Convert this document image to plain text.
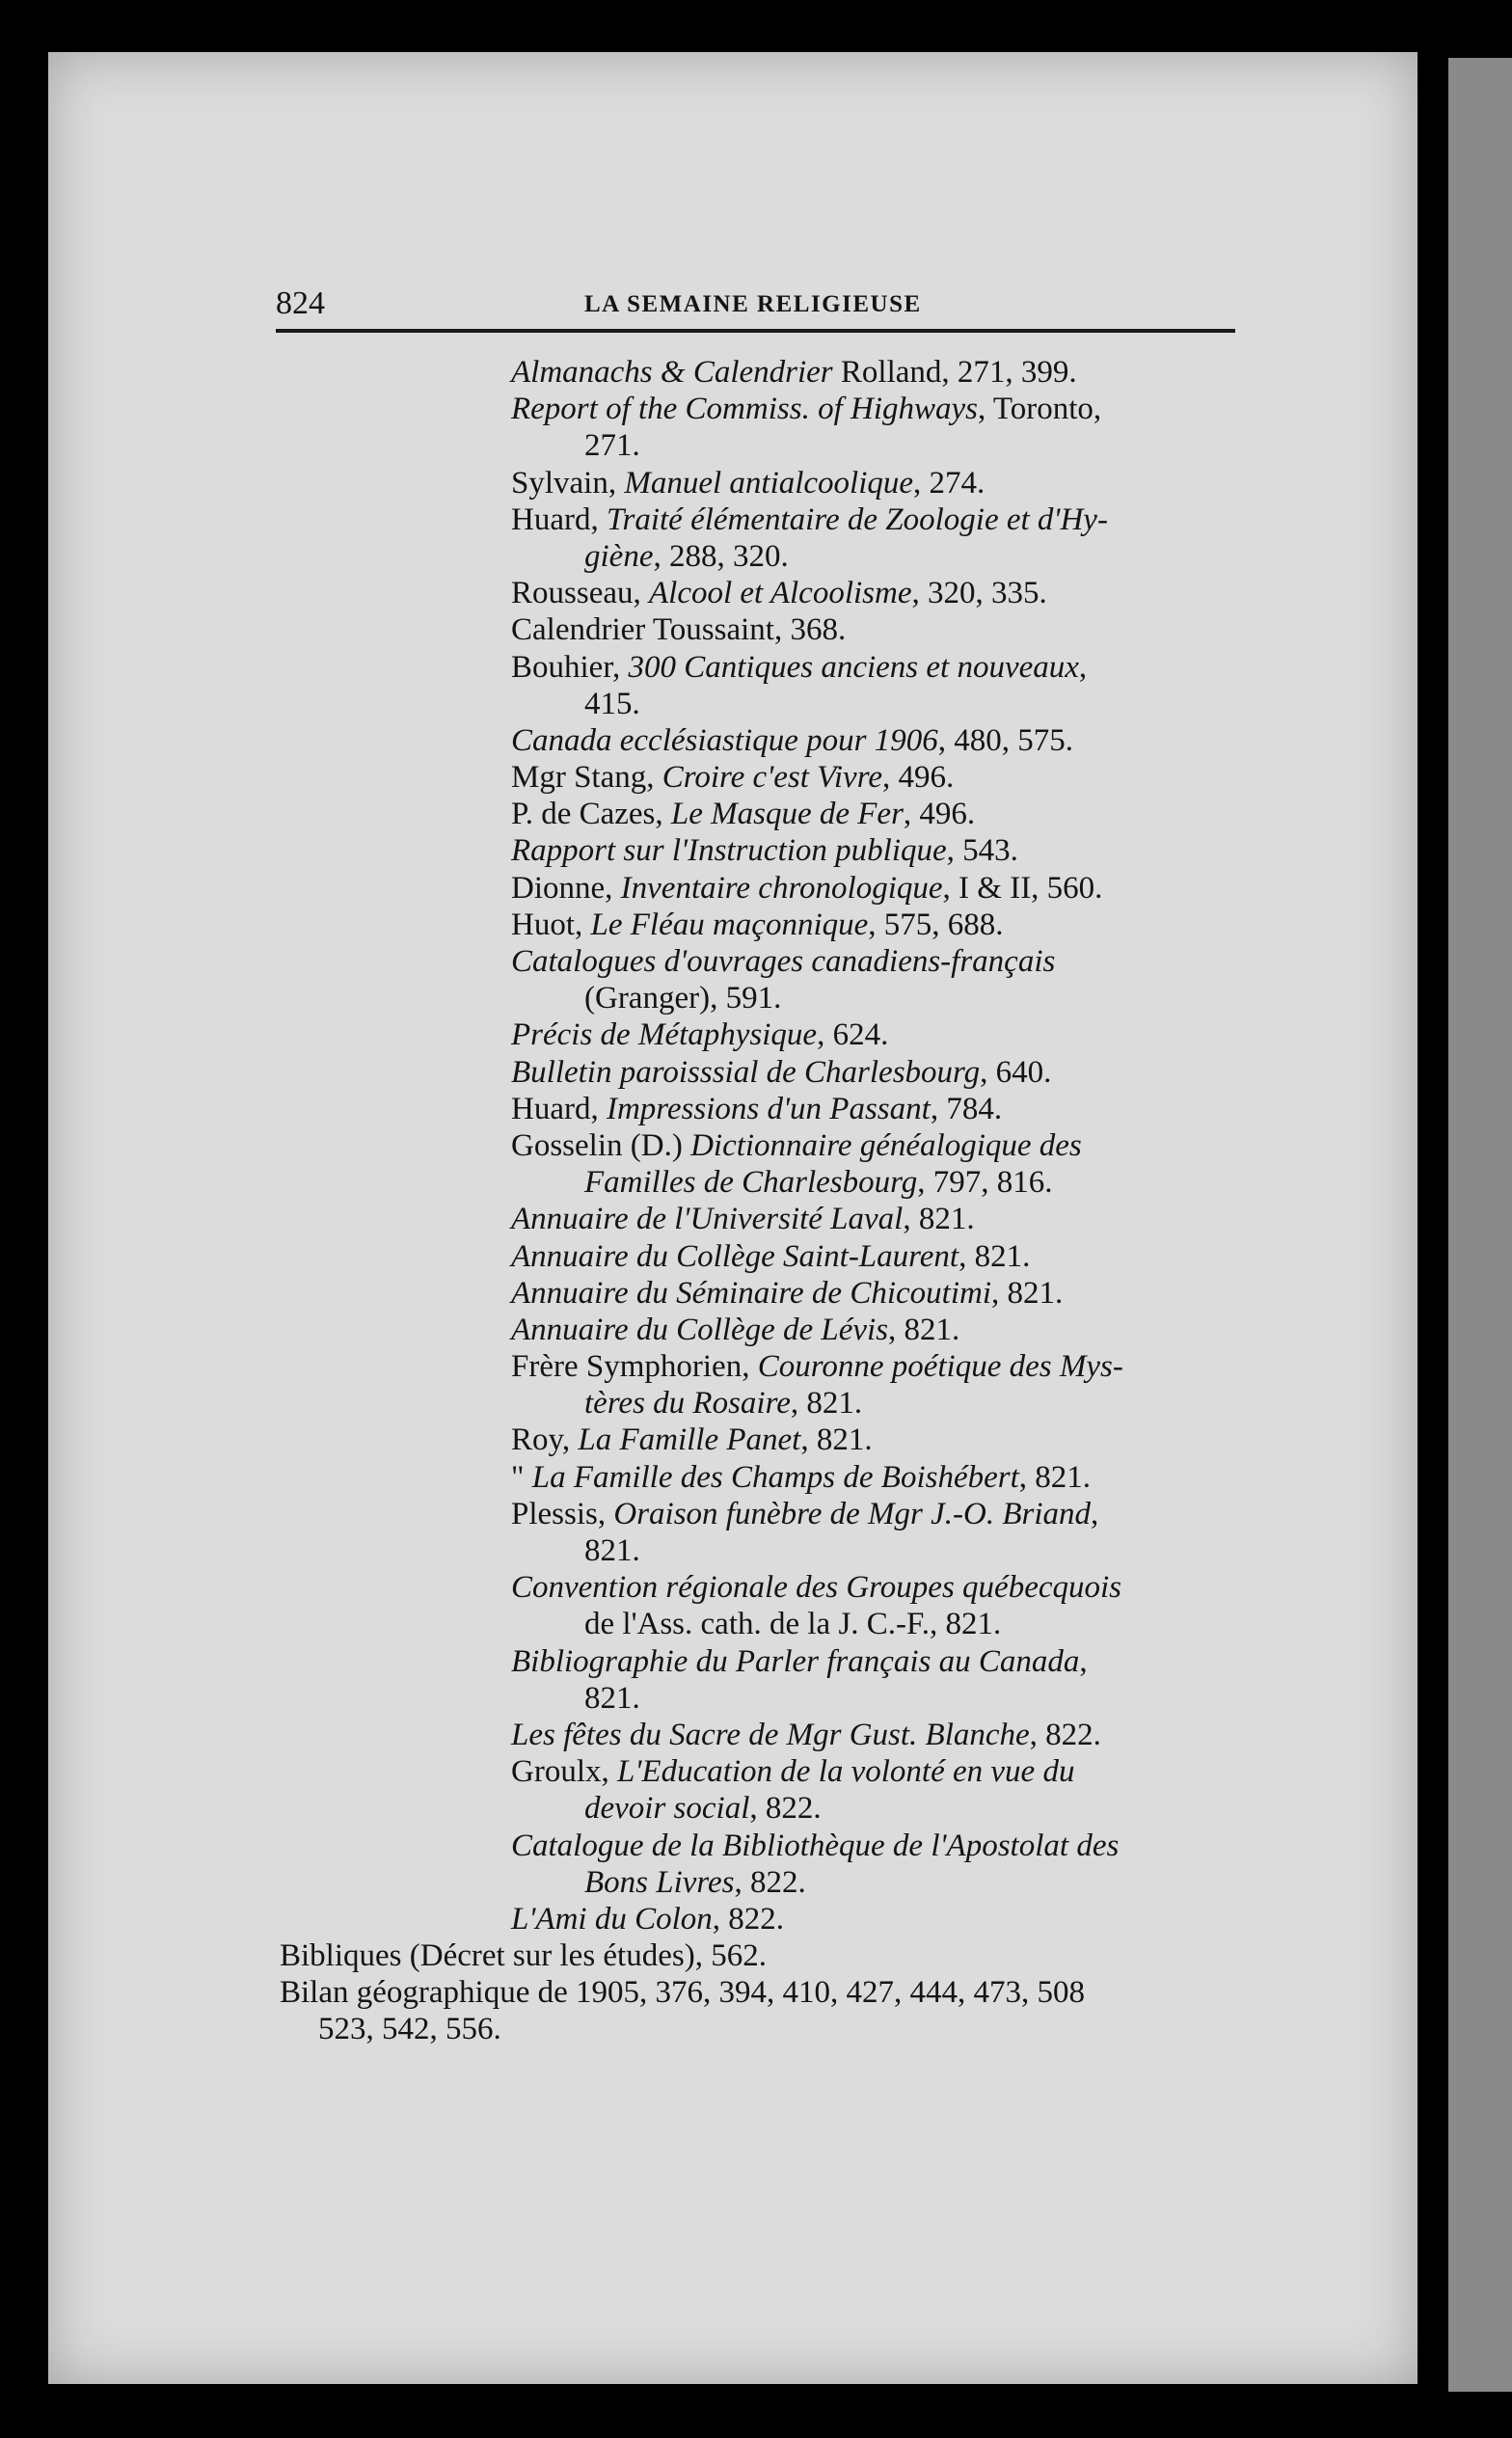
824	LA SEMAINE RELIGIEUSE
Almanachs & Calendrier Rolland, 271, 399.
Report of the Commiss. of Highways, Toronto,
271.
Sylvain, Manuel antialcoolique, 274.
Huard, Traité élémentaire de Zoologie et d'Hy-
giène, 288, 320.
Rousseau, Alcool et Alcoolisme, 320, 335.
Calendrier Toussaint, 368.
Bouhier, 300 Cantiques anciens et nouveaux,
415.
Canada ecclésiastique pour 1906, 480, 575.
Mgr Stang, Croire c'est Vivre, 496.
P. de Cazes, Le Masque de Fer, 496.
Rapport sur l'Instruction publique, 543.
Dionne, Inventaire chronologique, I & II, 560.
Huot, Le Fléau maçonnique, 575, 688.
Catalogues d'ouvrages canadiens-français
(Granger), 591.
Précis de Métaphysique, 624.
Bulletin paroisssial de Charlesbourg, 640.
Huard, Impressions d'un Passant, 784.
Gosselin (D.) Dictionnaire généalogique des
Familles de Charlesbourg, 797, 816.
Annuaire de l'Université Laval, 821.
Annuaire du Collège Saint-Laurent, 821.
Annuaire du Séminaire de Chicoutimi, 821.
Annuaire du Collège de Lévis, 821.
Frère Symphorien, Couronne poétique des Mys-
tères du Rosaire, 821.
Roy, La Famille Panet, 821.
" La Famille des Champs de Boishébert, 821.
Plessis, Oraison funèbre de Mgr J.-O. Briand,
821.
Convention régionale des Groupes québecquois
de l'Ass. cath. de la J. C.-F., 821.
Bibliographie du Parler français au Canada,
821.
Les fêtes du Sacre de Mgr Gust. Blanche, 822.
Groulx, L'Education de la volonté en vue du
devoir social, 822.
Catalogue de la Bibliothèque de l'Apostolat des
Bons Livres, 822.
L'Ami du Colon, 822.
Bibliques (Décret sur les études), 562.
Bilan géographique de 1905, 376, 394, 410, 427, 444, 473, 508
523, 542, 556.
